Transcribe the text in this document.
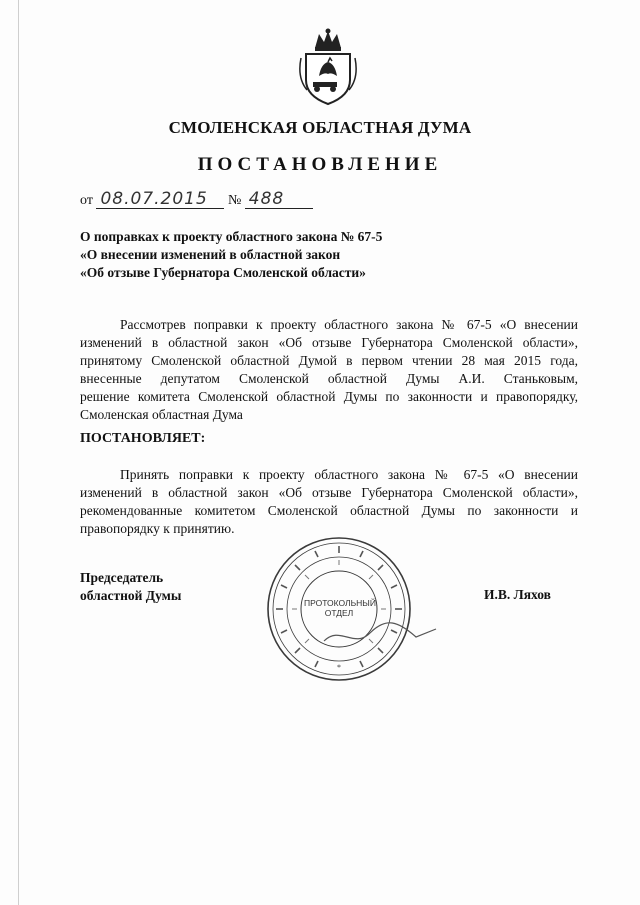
СМОЛЕНСКАЯ ОБЛАСТНАЯ ДУМА
ПОСТАНОВЛЕНИЕ
от 08.07.2015 № 488
О поправках к проекту областного закона № 67-5
«О внесении изменений в областной закон
«Об отзыве Губернатора Смоленской области»
Рассмотрев поправки к проекту областного закона № 67-5 «О внесении
изменений в областной закон «Об отзыве Губернатора Смоленской области»,
принятому Смоленской областной Думой в первом чтении 28 мая 2015 года,
внесенные депутатом Смоленской областной Думы А.И. Станьковым,
решение комитета Смоленской областной Думы по законности и правопорядку,
Смоленская областная Дума
ПОСТАНОВЛЯЕТ:
Принять поправки к проекту областного закона № 67-5 «О внесении
изменений в областной закон «Об отзыве Губернатора Смоленской области»,
рекомендованные комитетом Смоленской областной Думы по законности и
правопорядку к принятию.
Председатель
областной Думы
*
ПРОТОКОЛЬНЫЙ
ОТДЕЛ
И.В. Ляхов
